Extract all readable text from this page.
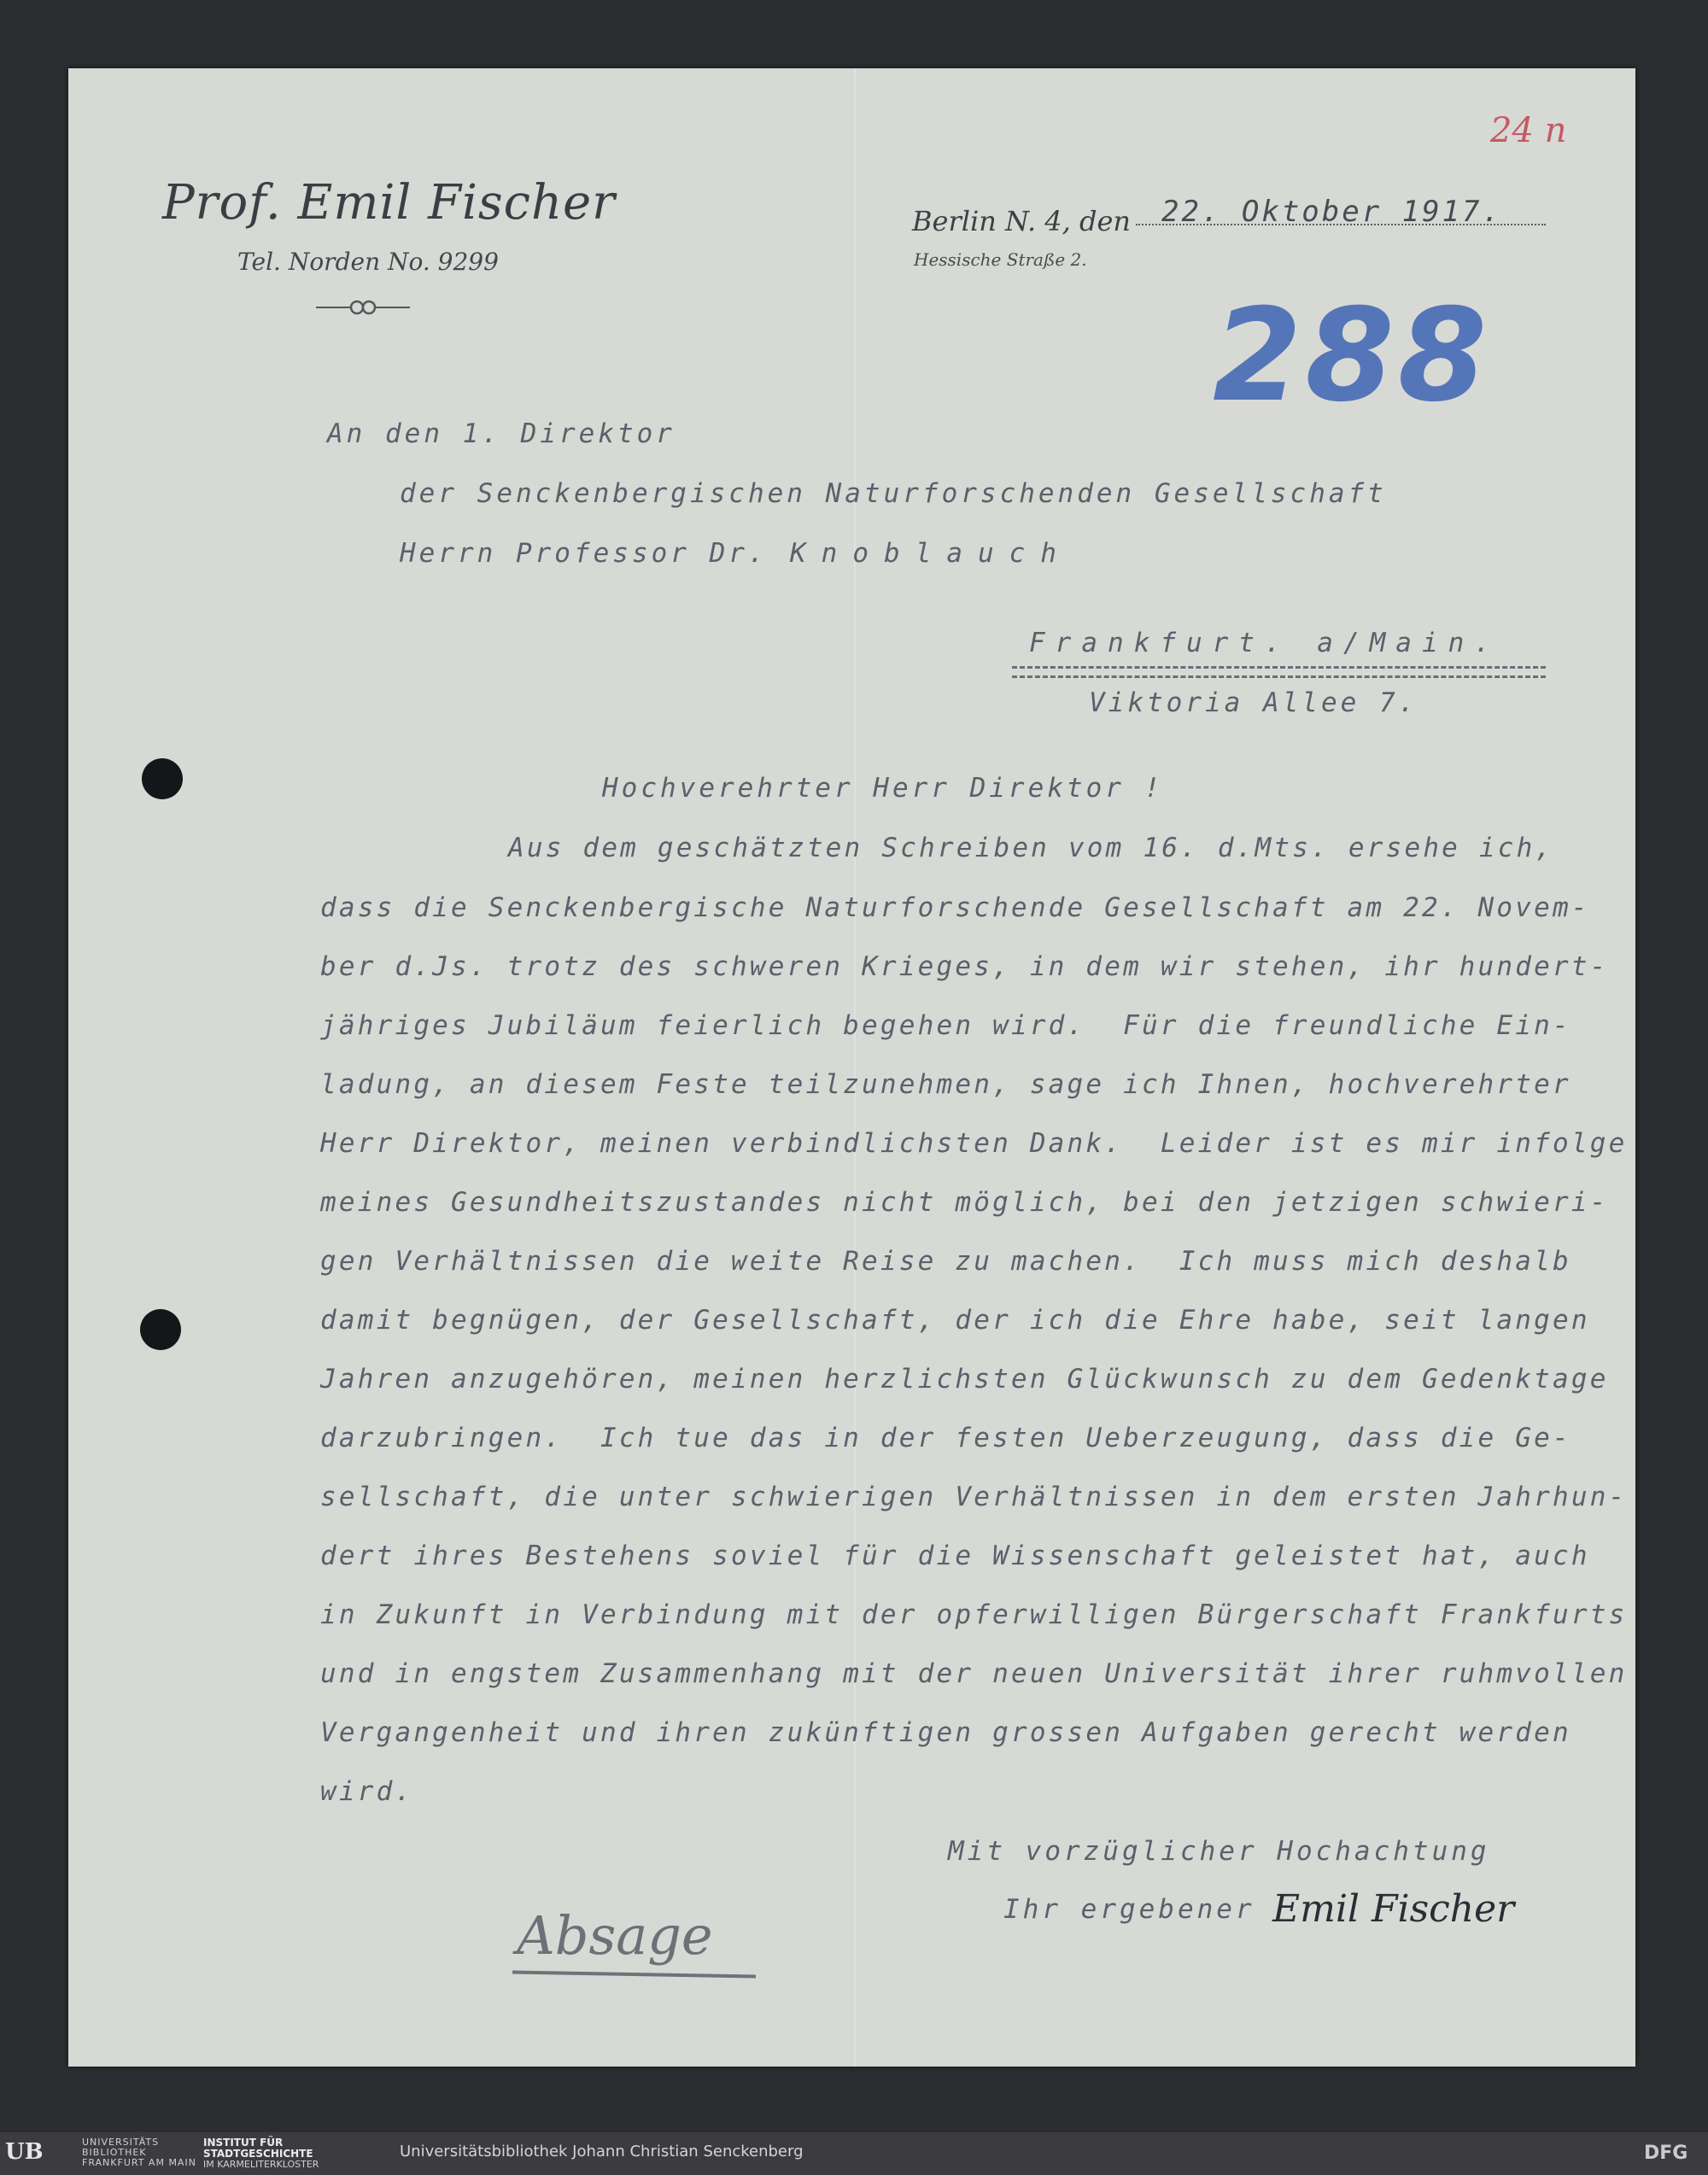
Prof. Emil Fischer
Tel. Norden No. 9299
Berlin N. 4, den 22. Oktober 1917.
Hessische Straße 2.
24 n
288
An den 1. Direktor
der Senckenbergischen Naturforschenden Gesellschaft
Herrn Professor Dr. Knoblauch
Frankfurt. a/Main.
Viktoria Allee 7.
Hochverehrter Herr Direktor !
Aus dem geschätzten Schreiben vom 16. d.Mts. ersehe ich,
dass die Senckenbergische Naturforschende Gesellschaft am 22. Novem-
ber d.Js. trotz des schweren Krieges, in dem wir stehen, ihr hundert-
jähriges Jubiläum feierlich begehen wird.  Für die freundliche Ein-
ladung, an diesem Feste teilzunehmen, sage ich Ihnen, hochverehrter
Herr Direktor, meinen verbindlichsten Dank.  Leider ist es mir infolge
meines Gesundheitszustandes nicht möglich, bei den jetzigen schwieri-
gen Verhältnissen die weite Reise zu machen.  Ich muss mich deshalb
damit begnügen, der Gesellschaft, der ich die Ehre habe, seit langen
Jahren anzugehören, meinen herzlichsten Glückwunsch zu dem Gedenktage
darzubringen.  Ich tue das in der festen Ueberzeugung, dass die Ge-
sellschaft, die unter schwierigen Verhältnissen in dem ersten Jahrhun-
dert ihres Bestehens soviel für die Wissenschaft geleistet hat, auch
in Zukunft in Verbindung mit der opferwilligen Bürgerschaft Frankfurts
und in engstem Zusammenhang mit der neuen Universität ihrer ruhmvollen
Vergangenheit und ihren zukünftigen grossen Aufgaben gerecht werden
wird.
Mit vorzüglicher Hochachtung
Ihr ergebener Emil Fischer
Absage
UB	UNIVERSITÄTS
BIBLIOTHEK
FRANKFURT AM MAIN
INSTITUT FÜR
STADTGESCHICHTE
IM KARMELITERKLOSTER
Universitätsbibliothek Johann Christian Senckenberg	DFG
